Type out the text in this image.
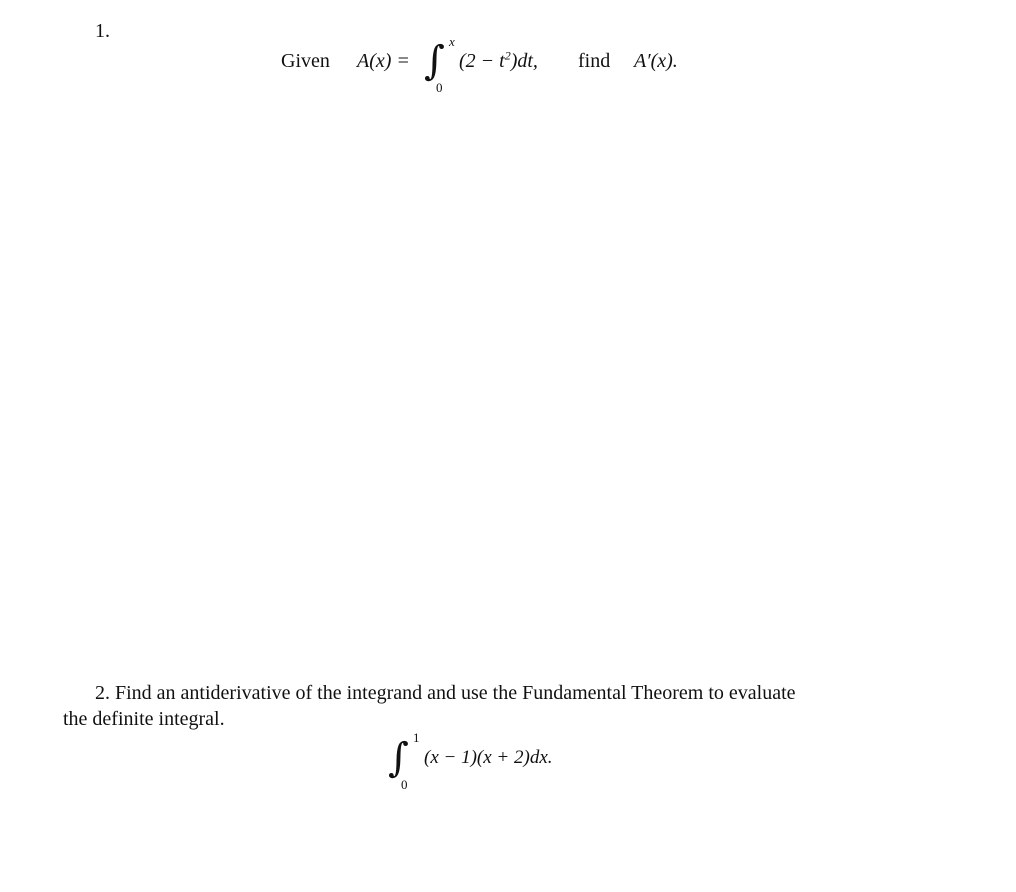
1.
Given A(x) = ∫ x
0
$(2 - t^2)dt$, find A′(x).
2. Find an antiderivative of the integrand and use the Fundamental Theorem to evaluate
the definite integral.
∫ 1
0
(x − 1)(x + 2)dx.
